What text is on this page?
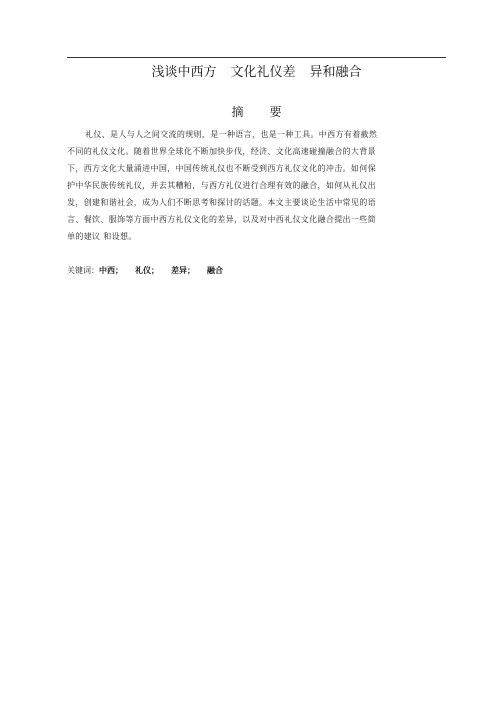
浅谈中西方 文化礼仪差 异和融合
摘 要
礼仪、是人与人之间交流的规则，是一种语言，也是一种工具。中西方有着截然
不同的礼仪文化。随着世界全球化不断加快步伐，经济、文化高速碰撞融合的大背景
下，西方文化大量涌进中国，中国传统礼仪也不断受到西方礼仪文化的冲击。如何保
护中华民族传统礼仪，并去其糟粕，与西方礼仪进行合理有效的融合，如何从礼仪出
发，创建和谐社会，成为人们不断思考和探讨的话题。本文主要谈论生活中常见的语
言、餐饮、服饰等方面中西方礼仪文化的差异，以及对中西礼仪文化融合提出一些简
单的建议 和设想。
关键词：中西； 礼仪； 差异； 融合
